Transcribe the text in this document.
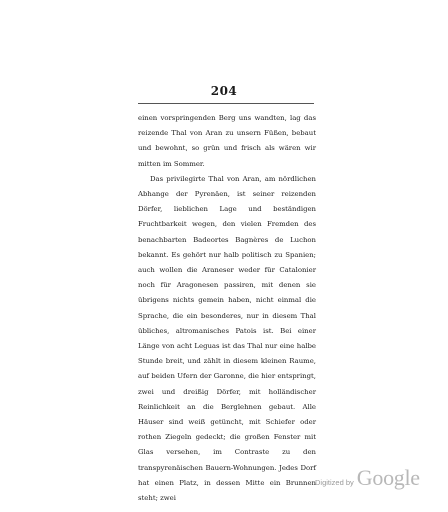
204

einen vorspringenden Berg uns wandten, lag das reizende Thal von Aran zu unsern Füßen, bebaut und bewohnt, so grün und frisch als wären wir mitten im Sommer.

Das privilegirte Thal von Aran, am nördlichen Abhange der Pyrenäen, ist seiner reizenden Dörfer, lieblichen Lage und beständigen Fruchtbarkeit wegen, den vielen Fremden des benachbarten Badeortes Bagnères de Luchon bekannt. Es gehört nur halb politisch zu Spanien; auch wollen die Araneser weder für Catalonier noch für Aragonesen passiren, mit denen sie übrigens nichts gemein haben, nicht einmal die Sprache, die ein besonderes, nur in diesem Thal übliches, altromanisches Patois ist. Bei einer Länge von acht Leguas ist das Thal nur eine halbe Stunde breit, und zählt in diesem kleinen Raume, auf beiden Ufern der Garonne, die hier entspringt, zwei und dreißig Dörfer, mit holländischer Reinlichkeit an die Berglehnen gebaut. Alle Häuser sind weiß getüncht, mit Schiefer oder rothen Ziegeln gedeckt; die großen Fenster mit Glas versehen, im Contraste zu den transpyrenäischen Bauern-Wohnungen. Jedes Dorf hat einen Platz, in dessen Mitte ein Brunnen steht; zwei

Digitized by Google
